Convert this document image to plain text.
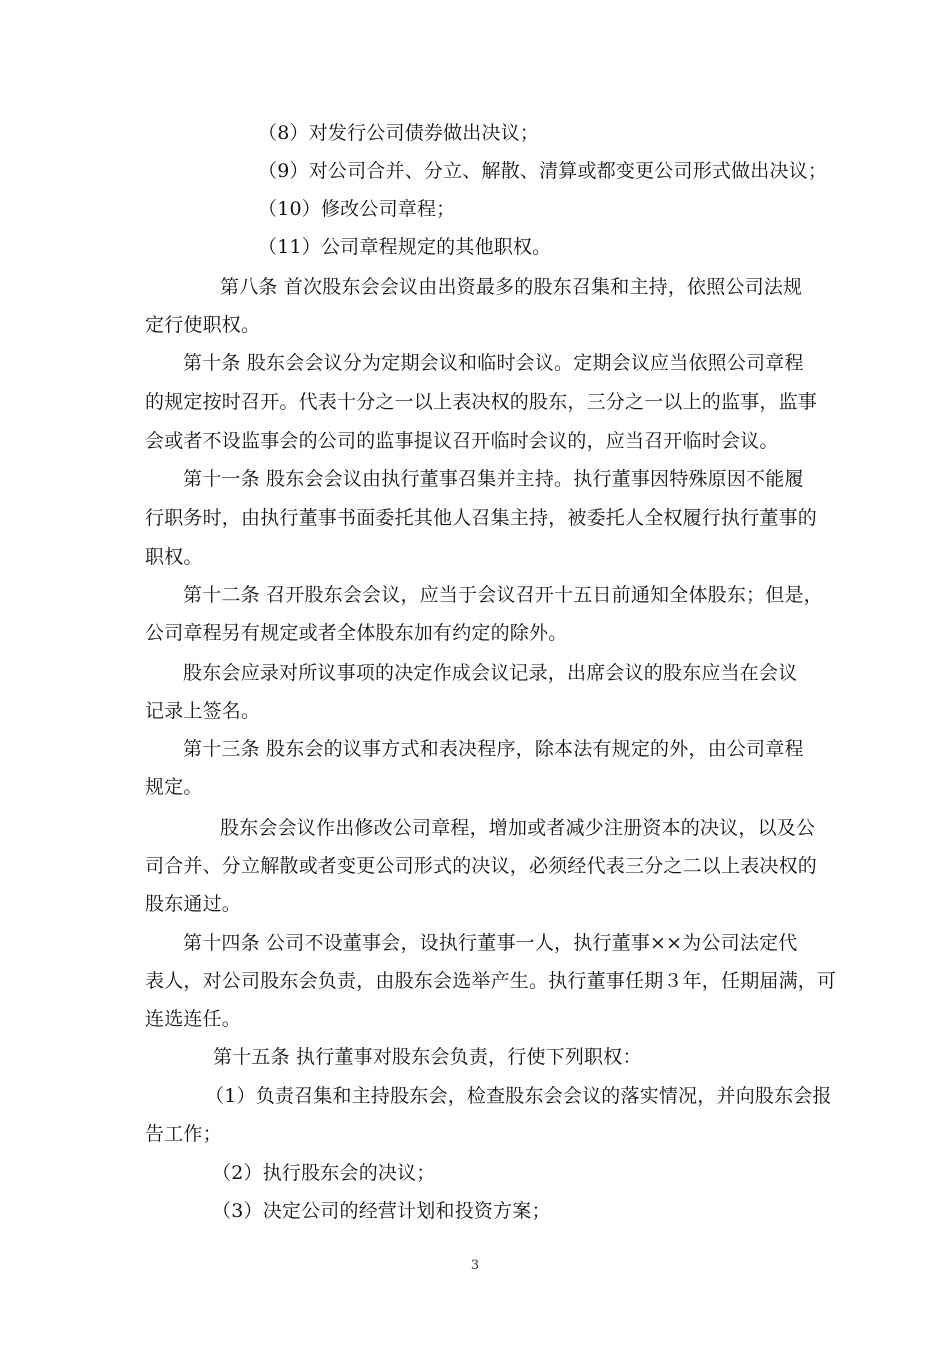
（8）对发行公司债券做出决议；

（9）对公司合并、分立、解散、清算或都变更公司形式做出决议；

（10）修改公司章程；

（11）公司章程规定的其他职权。

第八条 首次股东会会议由出资最多的股东召集和主持，依照公司法规

定行使职权。

第十条 股东会会议分为定期会议和临时会议。定期会议应当依照公司章程

的规定按时召开。代表十分之一以上表决权的股东，三分之一以上的监事，监事

会或者不设监事会的公司的监事提议召开临时会议的，应当召开临时会议。

第十一条 股东会会议由执行董事召集并主持。执行董事因特殊原因不能履

行职务时，由执行董事书面委托其他人召集主持，被委托人全权履行执行董事的

职权。

第十二条 召开股东会会议，应当于会议召开十五日前通知全体股东；但是，

公司章程另有规定或者全体股东加有约定的除外。

股东会应录对所议事项的决定作成会议记录，出席会议的股东应当在会议

记录上签名。

第十三条 股东会的议事方式和表决程序，除本法有规定的外，由公司章程

规定。

股东会会议作出修改公司章程，增加或者减少注册资本的决议，以及公

司合并、分立解散或者变更公司形式的决议，必须经代表三分之二以上表决权的

股东通过。

第十四条 公司不设董事会，设执行董事一人，执行董事××为公司法定代

表人，对公司股东会负责，由股东会选举产生。执行董事任期３年，任期届满，可

连选连任。

第十五条 执行董事对股东会负责，行使下列职权：

（1）负责召集和主持股东会，检查股东会会议的落实情况，并向股东会报

告工作；

（2）执行股东会的决议；

（3）决定公司的经营计划和投资方案；

3
